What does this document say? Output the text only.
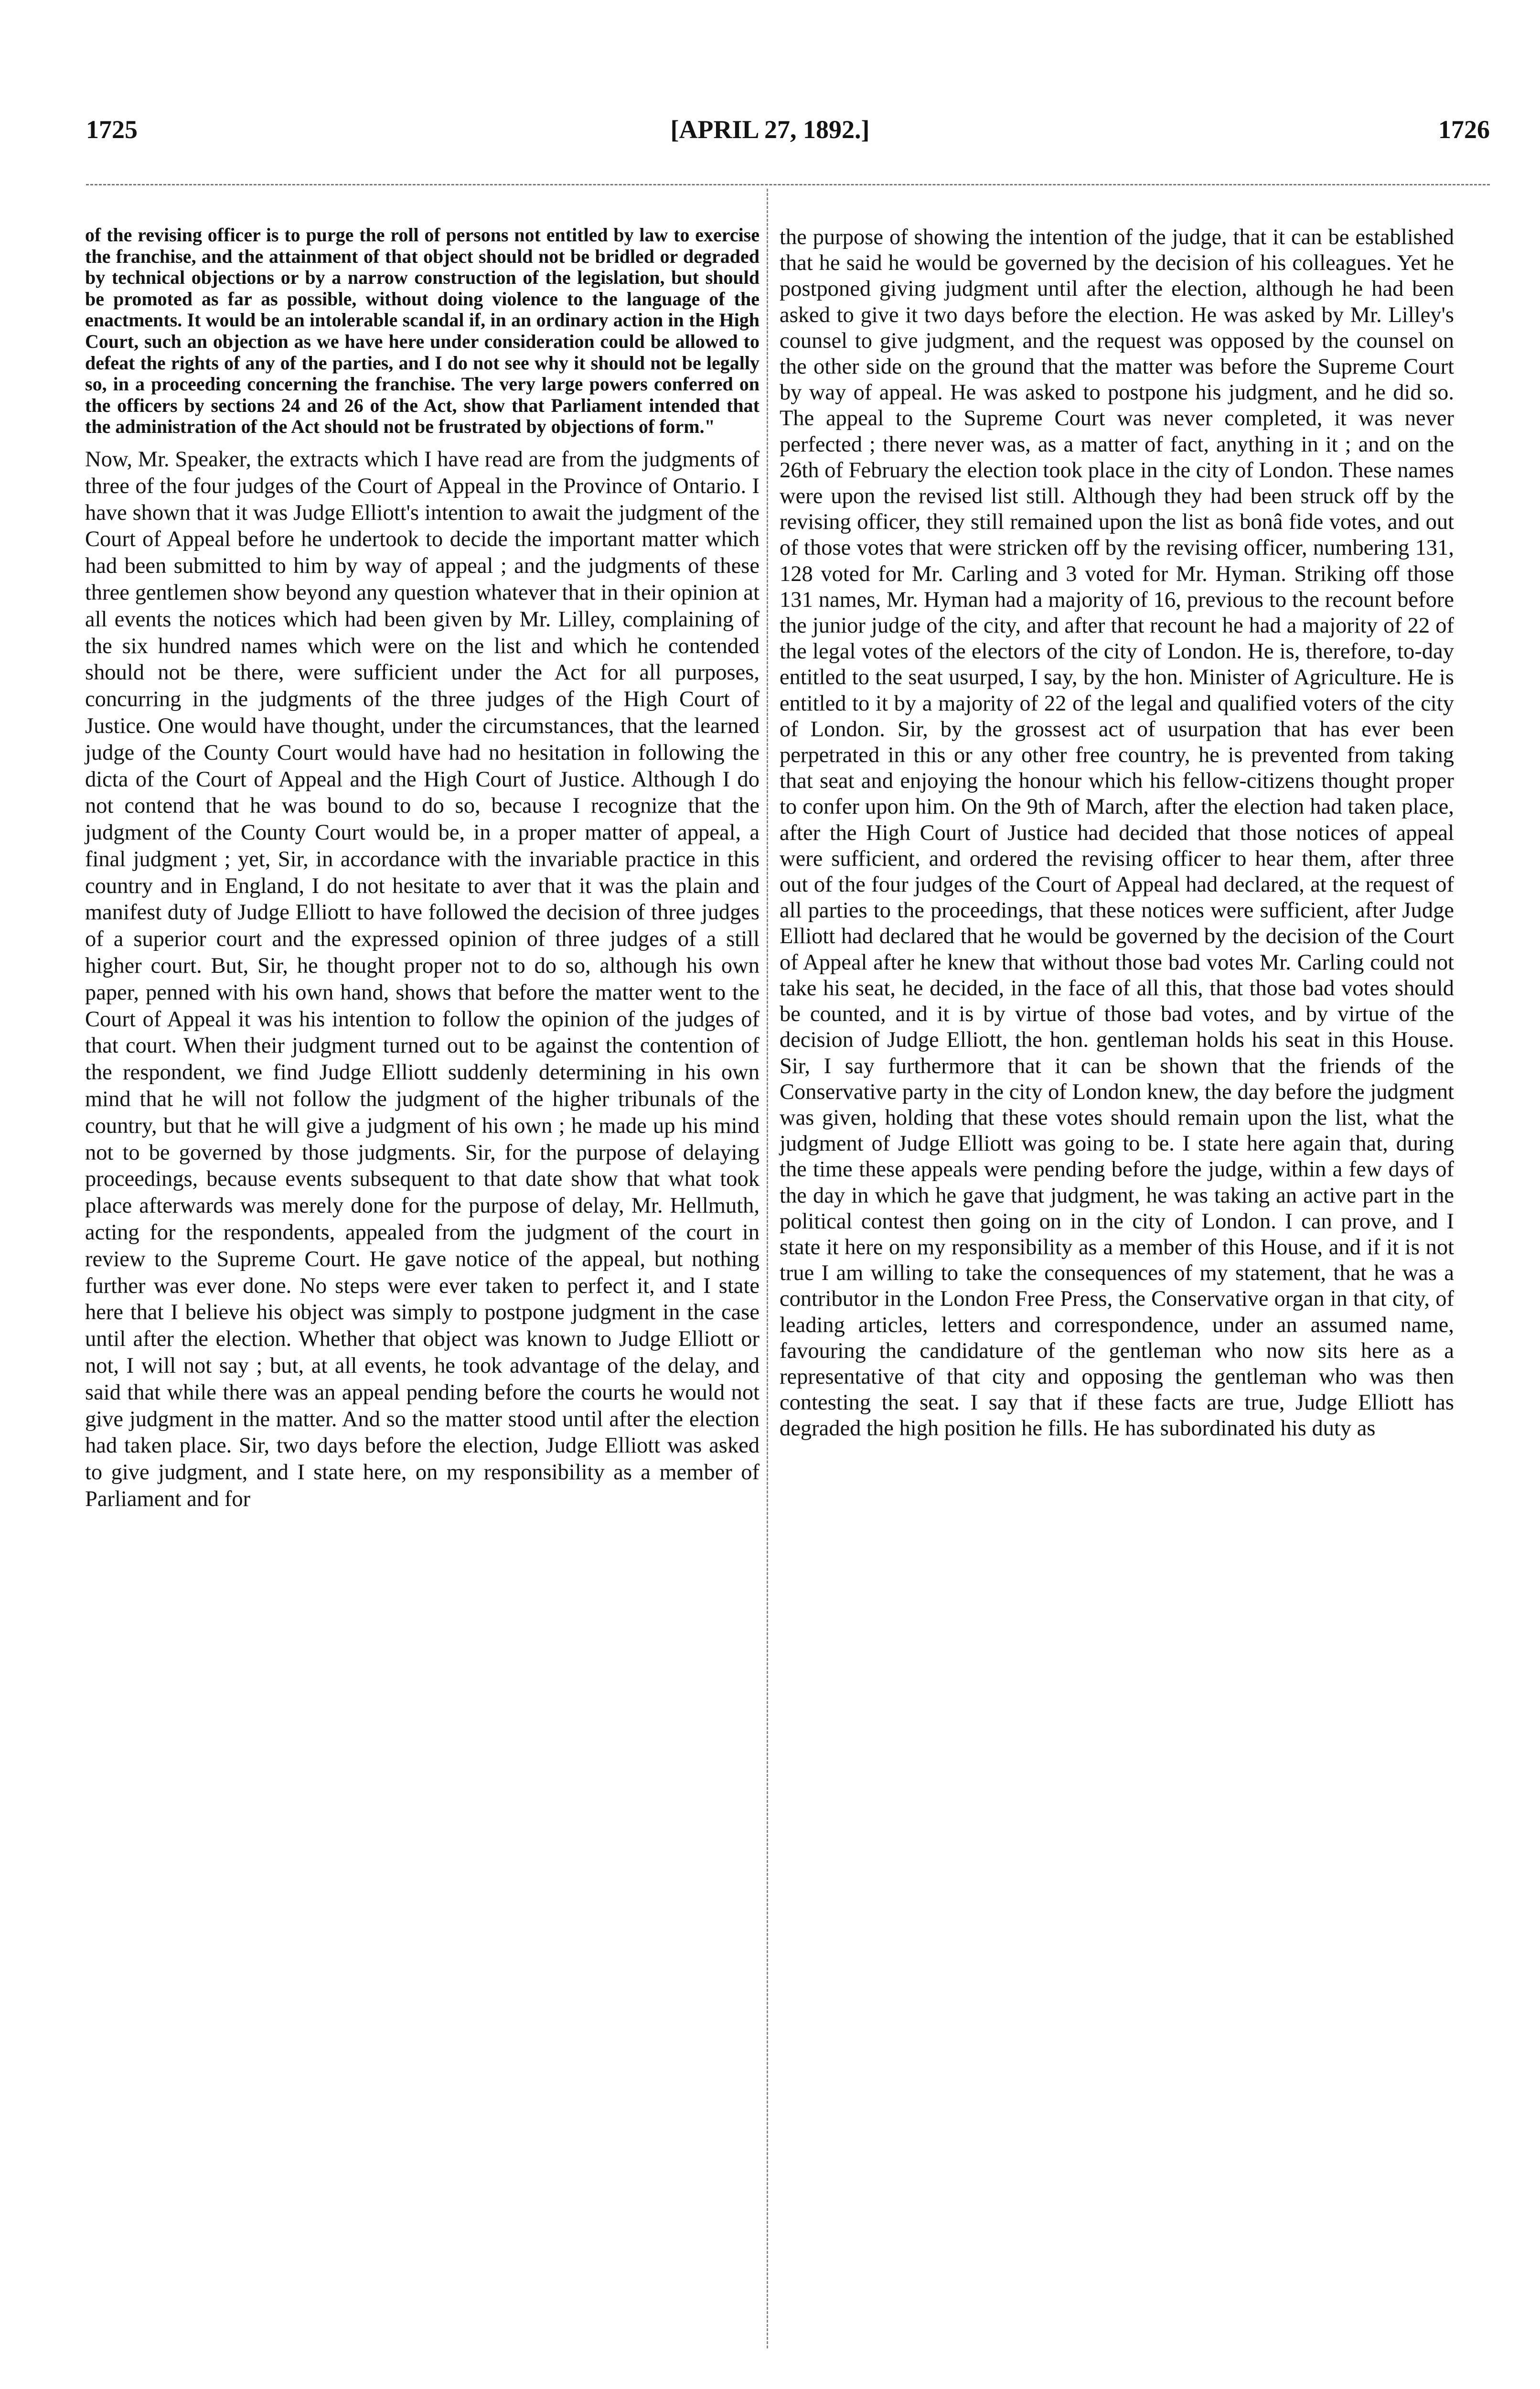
1725	[APRIL 27, 1892.]	1726

of the revising officer is to purge the roll of persons not entitled by law to exercise the franchise, and the attainment of that object should not be bridled or degraded by technical objections or by a narrow construction of the legislation, but should be promoted as far as possible, without doing violence to the language of the enactments. It would be an intolerable scandal if, in an ordinary action in the High Court, such an objection as we have here under consideration could be allowed to defeat the rights of any of the parties, and I do not see why it should not be legally so, in a proceeding concerning the franchise. The very large powers conferred on the officers by sections 24 and 26 of the Act, show that Parliament intended that the administration of the Act should not be frustrated by objections of form."

Now, Mr. Speaker, the extracts which I have read are from the judgments of three of the four judges of the Court of Appeal in the Province of Ontario. I have shown that it was Judge Elliott's intention to await the judgment of the Court of Appeal before he undertook to decide the important matter which had been submitted to him by way of appeal ; and the judgments of these three gentlemen show beyond any question whatever that in their opinion at all events the notices which had been given by Mr. Lilley, complaining of the six hundred names which were on the list and which he contended should not be there, were sufficient under the Act for all purposes, concurring in the judgments of the three judges of the High Court of Justice. One would have thought, under the circumstances, that the learned judge of the County Court would have had no hesitation in following the dicta of the Court of Appeal and the High Court of Justice. Although I do not contend that he was bound to do so, because I recognize that the judgment of the County Court would be, in a proper matter of appeal, a final judgment ; yet, Sir, in accordance with the invariable practice in this country and in England, I do not hesitate to aver that it was the plain and manifest duty of Judge Elliott to have followed the decision of three judges of a superior court and the expressed opinion of three judges of a still higher court. But, Sir, he thought proper not to do so, although his own paper, penned with his own hand, shows that before the matter went to the Court of Appeal it was his intention to follow the opinion of the judges of that court. When their judgment turned out to be against the contention of the respondent, we find Judge Elliott suddenly determining in his own mind that he will not follow the judgment of the higher tribunals of the country, but that he will give a judgment of his own ; he made up his mind not to be governed by those judgments. Sir, for the purpose of delaying proceedings, because events subsequent to that date show that what took place afterwards was merely done for the purpose of delay, Mr. Hellmuth, acting for the respondents, appealed from the judgment of the court in review to the Supreme Court. He gave notice of the appeal, but nothing further was ever done. No steps were ever taken to perfect it, and I state here that I believe his object was simply to postpone judgment in the case until after the election. Whether that object was known to Judge Elliott or not, I will not say ; but, at all events, he took advantage of the delay, and said that while there was an appeal pending before the courts he would not give judgment in the matter. And so the matter stood until after the election had taken place. Sir, two days before the election, Judge Elliott was asked to give judgment, and I state here, on my responsibility as a member of Parliament and for

the purpose of showing the intention of the judge, that it can be established that he said he would be governed by the decision of his colleagues. Yet he postponed giving judgment until after the election, although he had been asked to give it two days before the election. He was asked by Mr. Lilley's counsel to give judgment, and the request was opposed by the counsel on the other side on the ground that the matter was before the Supreme Court by way of appeal. He was asked to postpone his judgment, and he did so. The appeal to the Supreme Court was never completed, it was never perfected ; there never was, as a matter of fact, anything in it ; and on the 26th of February the election took place in the city of London. These names were upon the revised list still. Although they had been struck off by the revising officer, they still remained upon the list as bonâ fide votes, and out of those votes that were stricken off by the revising officer, numbering 131, 128 voted for Mr. Carling and 3 voted for Mr. Hyman. Striking off those 131 names, Mr. Hyman had a majority of 16, previous to the recount before the junior judge of the city, and after that recount he had a majority of 22 of the legal votes of the electors of the city of London. He is, therefore, to-day entitled to the seat usurped, I say, by the hon. Minister of Agriculture. He is entitled to it by a majority of 22 of the legal and qualified voters of the city of London. Sir, by the grossest act of usurpation that has ever been perpetrated in this or any other free country, he is prevented from taking that seat and enjoying the honour which his fellow-citizens thought proper to confer upon him. On the 9th of March, after the election had taken place, after the High Court of Justice had decided that those notices of appeal were sufficient, and ordered the revising officer to hear them, after three out of the four judges of the Court of Appeal had declared, at the request of all parties to the proceedings, that these notices were sufficient, after Judge Elliott had declared that he would be governed by the decision of the Court of Appeal after he knew that without those bad votes Mr. Carling could not take his seat, he decided, in the face of all this, that those bad votes should be counted, and it is by virtue of those bad votes, and by virtue of the decision of Judge Elliott, the hon. gentleman holds his seat in this House. Sir, I say furthermore that it can be shown that the friends of the Conservative party in the city of London knew, the day before the judgment was given, holding that these votes should remain upon the list, what the judgment of Judge Elliott was going to be. I state here again that, during the time these appeals were pending before the judge, within a few days of the day in which he gave that judgment, he was taking an active part in the political contest then going on in the city of London. I can prove, and I state it here on my responsibility as a member of this House, and if it is not true I am willing to take the consequences of my statement, that he was a contributor in the London Free Press, the Conservative organ in that city, of leading articles, letters and correspondence, under an assumed name, favouring the candidature of the gentleman who now sits here as a representative of that city and opposing the gentleman who was then contesting the seat. I say that if these facts are true, Judge Elliott has degraded the high position he fills. He has subordinated his duty as
